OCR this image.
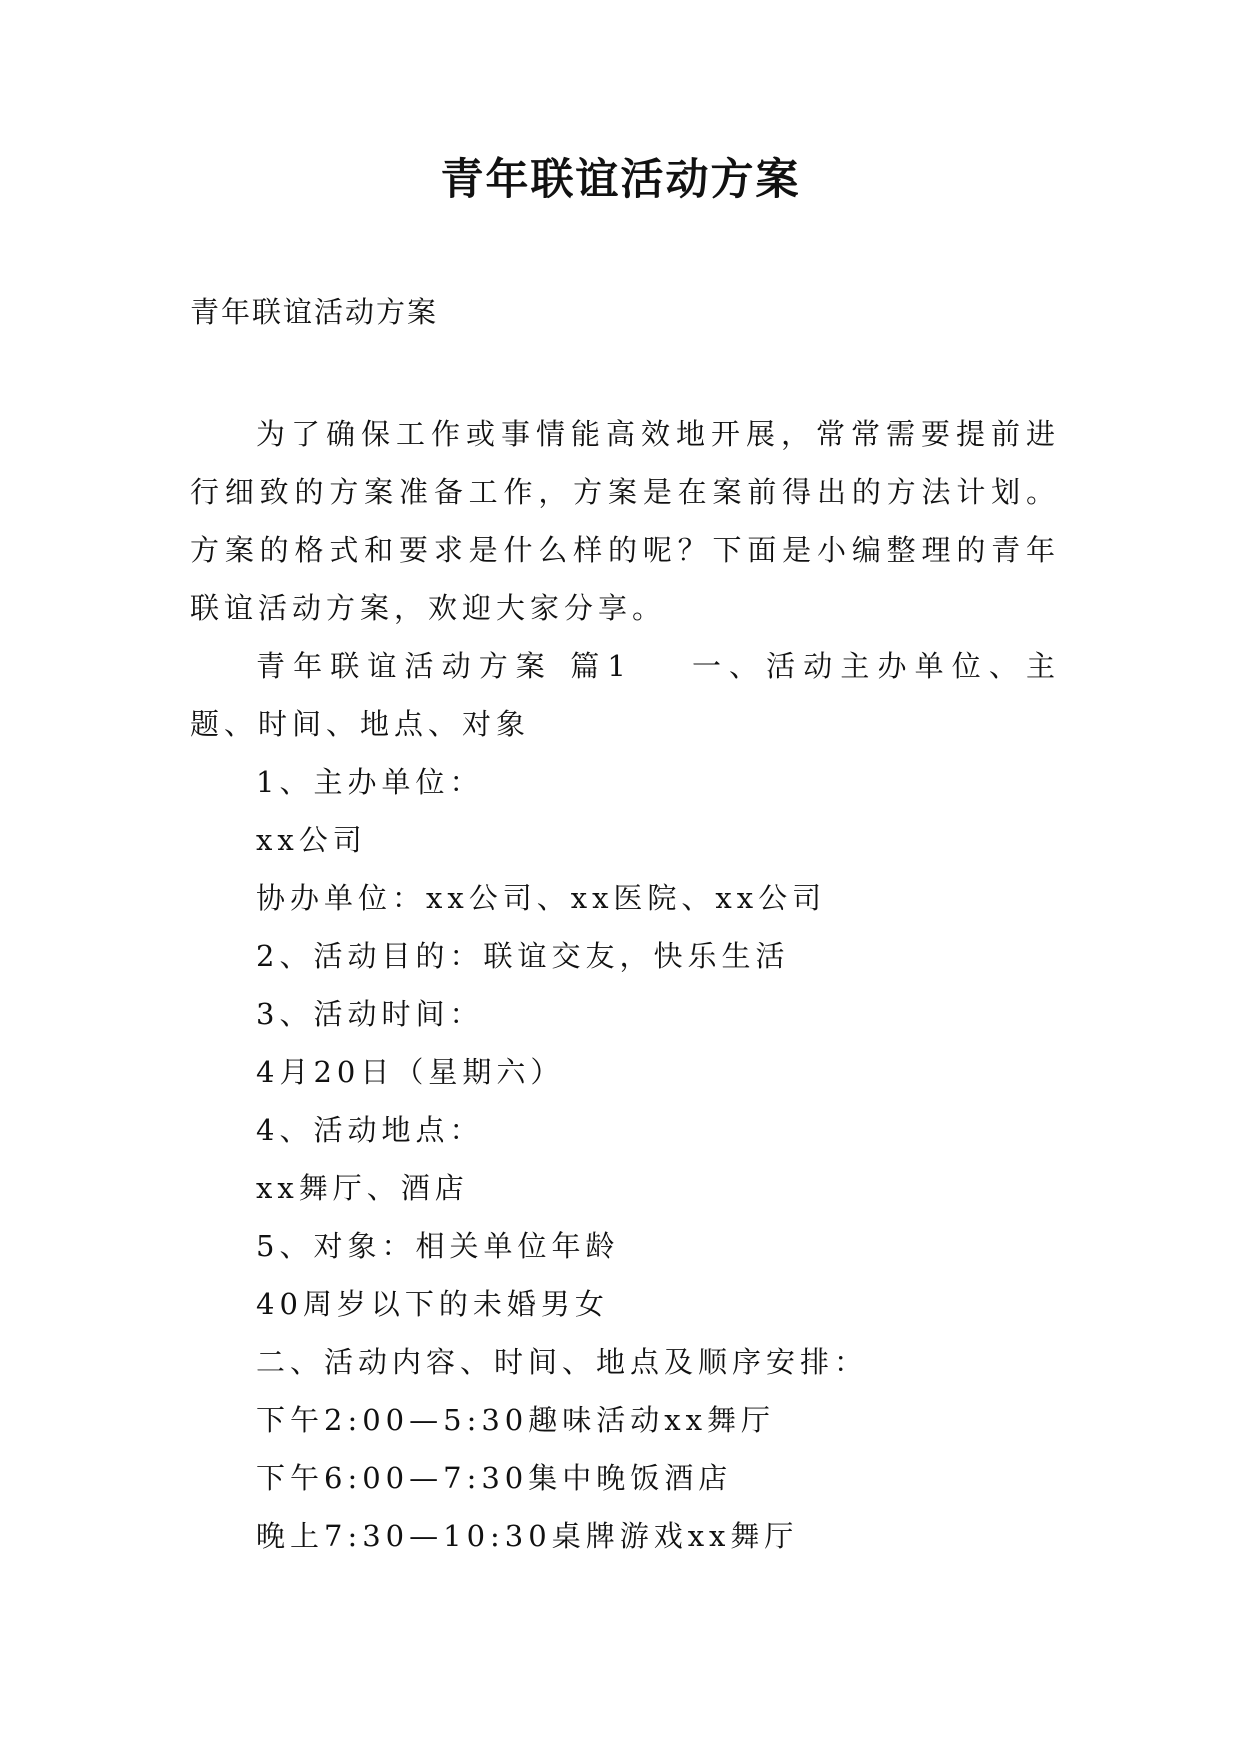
青年联谊活动方案
青年联谊活动方案

为了确保工作或事情能高效地开展，常常需要提前进行细致的方案准备工作，方案是在案前得出的方法计划。方案的格式和要求是什么样的呢？下面是小编整理的青年联谊活动方案，欢迎大家分享。

青年联谊活动方案 篇1 一、活动主办单位、主题、时间、地点、对象

1、主办单位：

xx公司

协办单位：xx公司、xx医院、xx公司

2、活动目的：联谊交友，快乐生活

3、活动时间：

4月20日（星期六）

4、活动地点：

xx舞厅、酒店

5、对象：相关单位年龄

40周岁以下的未婚男女

二、活动内容、时间、地点及顺序安排：

下午2:00—5:30趣味活动xx舞厅

下午6:00—7:30集中晚饭酒店

晚上7:30—10:30桌牌游戏xx舞厅
